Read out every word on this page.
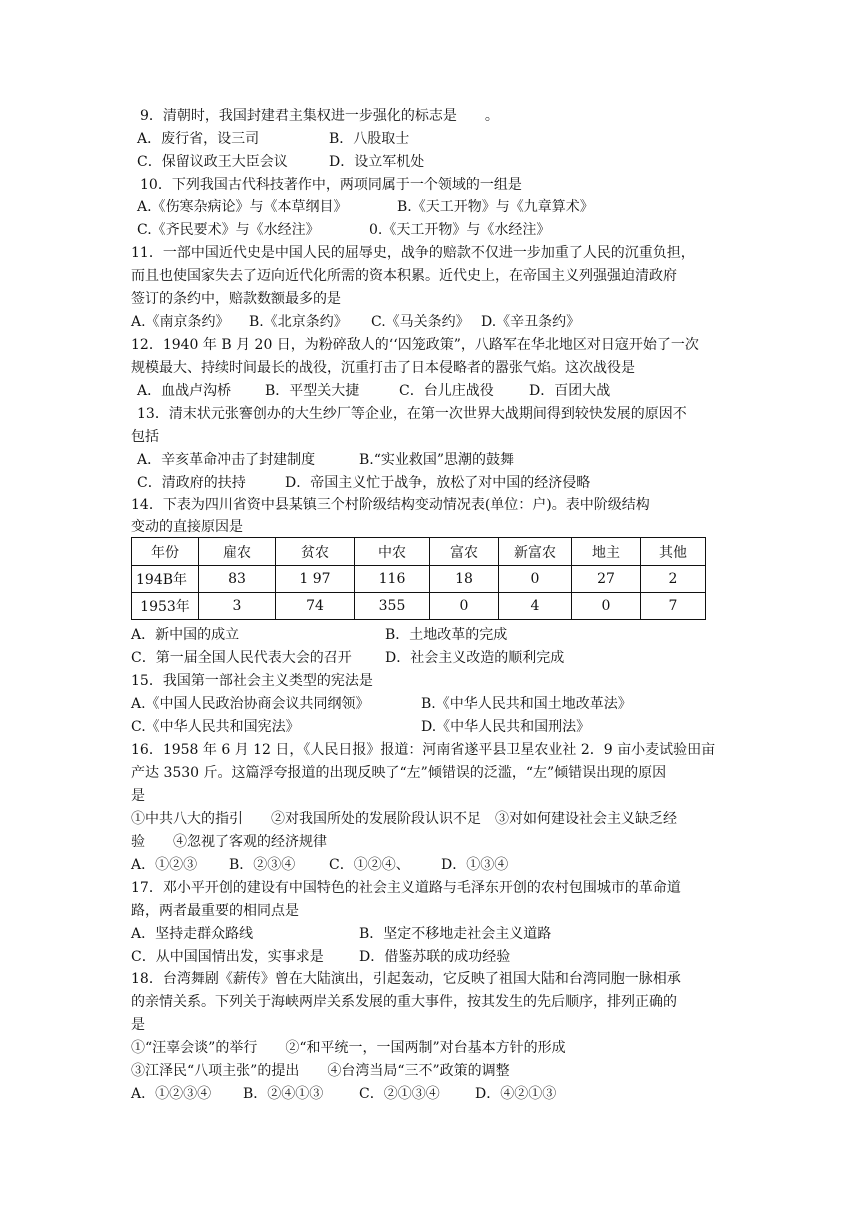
9．清朝时，我国封建君主集权进一步强化的标志是　　。
A．废行省，设三司	B．八股取士
C．保留议政王大臣会议	D．设立军机处
10．下列我国古代科技著作中，两项同属于一个领域的一组是
A.《伤寒杂病论》与《本草纲目》	B.《天工开物》与《九章算术》
C.《齐民要术》与《水经注》	0.《天工开物》与《水经注》
11．一部中国近代史是中国人民的屈辱史，战争的赔款不仅进一步加重了人民的沉重负担，
而且也使国家失去了迈向近代化所需的资本积累。近代史上，在帝国主义列强强迫清政府
签订的条约中，赔款数额最多的是
A.《南京条约》 B.《北京条约》 C.《马关条约》 D.《辛丑条约》
12．1940 年 B 月 20 日，为粉碎敌人的‘‘囚笼政策”，八路军在华北地区对日寇开始了一次
规模最大、持续时间最长的战役，沉重打击了日本侵略者的嚣张气焰。这次战役是
A．血战卢沟桥 B．平型关大捷	C．台儿庄战役	D．百团大战
13．清末状元张謇创办的大生纱厂等企业，在第一次世界大战期间得到较快发展的原因不
包括
A．辛亥革命冲击了封建制度	B.“实业救国”思潮的鼓舞
C．清政府的扶持	D．帝国主义忙于战争，放松了对中国的经济侵略
14．下表为四川省资中县某镇三个村阶级结构变动情况表(单位：户)。表中阶级结构
变动的直接原因是
年份	雇农	贫农	中农	富农	新富农	地主	其他
194B年	83	1 97	116	18	0	27	2
1953年	3	74	355	0	4	0	7
A．新中国的成立	B．土地改革的完成
C．第一届全国人民代表大会的召开 D．社会主义改造的顺利完成
15．我国第一部社会主义类型的宪法是
A.《中国人民政治协商会议共同纲领》	B.《中华人民共和国土地改革法》
C.《中华人民共和国宪法》	D.《中华人民共和国刑法》
16．1958 年 6 月 12 日，《人民日报》报道：河南省遂平县卫星农业社 2．9 亩小麦试验田亩
产达 3530 斤。这篇浮夸报道的出现反映了“左”倾错误的泛滥，“左”倾错误出现的原因
是
①中共八大的指引　　②对我国所处的发展阶段认识不足　③对如何建设社会主义缺乏经
验　　④忽视了客观的经济规律
A．①②③ B．②③④ C．①②④、 D．①③④
17．邓小平开创的建设有中国特色的社会主义道路与毛泽东开创的农村包围城市的革命道
路，两者最重要的相同点是
A．坚持走群众路线	B．坚定不移地走社会主义道路
C．从中国国情出发，实事求是	D．借鉴苏联的成功经验
18．台湾舞剧《薪传》曾在大陆演出，引起轰动，它反映了祖国大陆和台湾同胞一脉相承
的亲情关系。下列关于海峡两岸关系发展的重大事件，按其发生的先后顺序，排列正确的
是
①“汪辜会谈”的举行　　②“和平统一，一国两制”对台基本方针的形成
③江泽民“八项主张”的提出　　④台湾当局“三不”政策的调整
A．①②③④ B．②④①③	C．②①③④	D．④②①③
